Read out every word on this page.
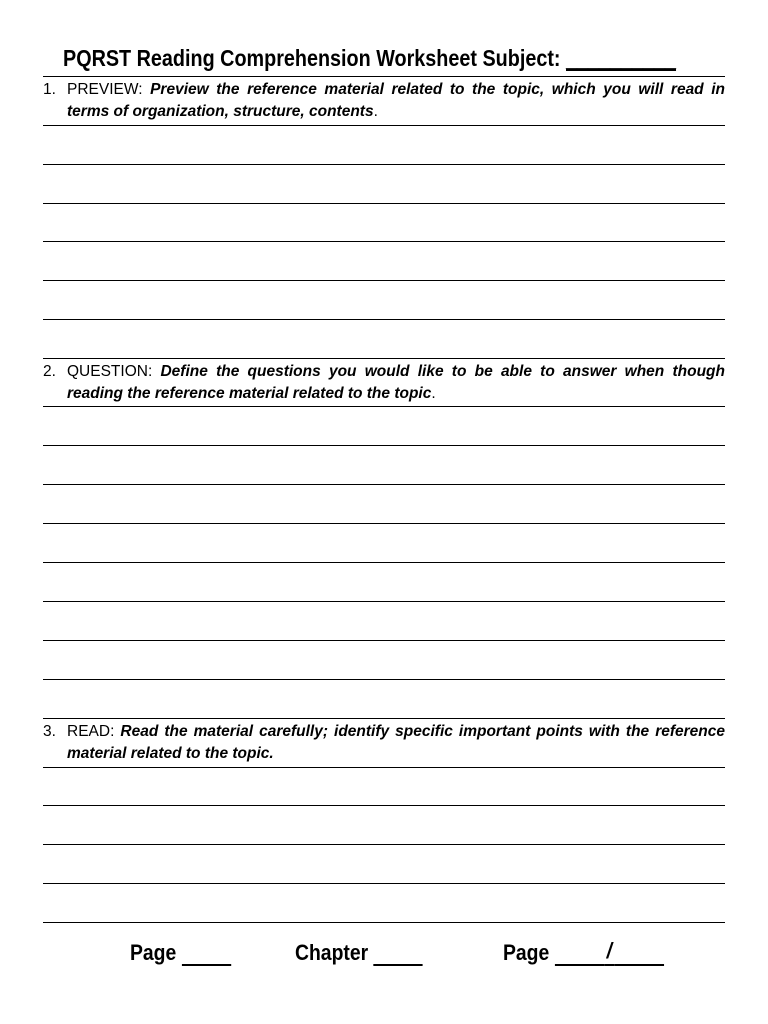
PQRST Reading Comprehension Worksheet Subject: __________
1. PREVIEW: Preview the reference material related to the topic, which you will read in terms of organization, structure, contents.
2. QUESTION: Define the questions you would like to be able to answer when though reading the reference material related to the topic.
3. READ: Read the material carefully; identify specific important points with the reference material related to the topic.
Page	Chapter	Page	/
